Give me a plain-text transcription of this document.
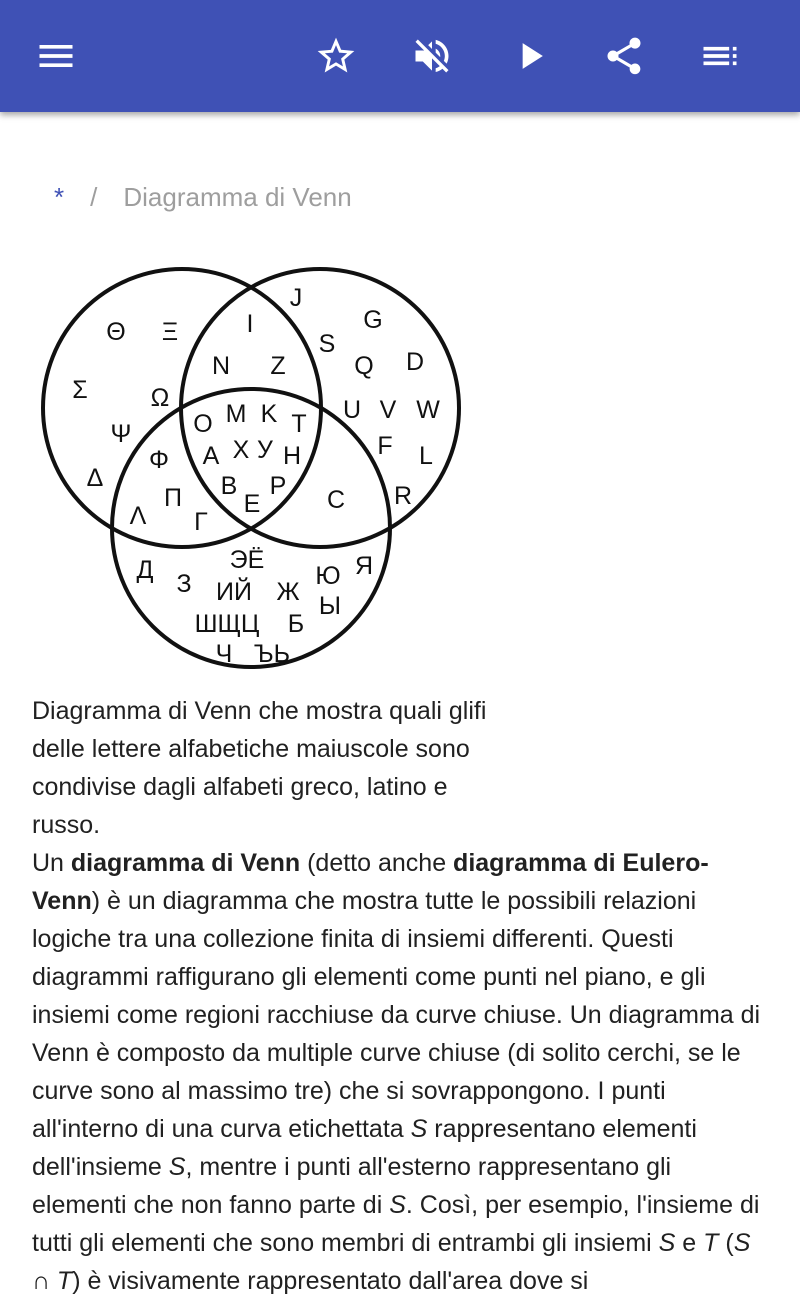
* / Diagramma di Venn
Θ Ξ
Σ	Ω
Ψ
Δ
J
G
S
Q D
U V W
F L
R
I
N Z
O M K T
A X У H
B P
E
Φ
Π
Λ Γ
C
Д З
ЭЁ
ИЙ Ж
Ю Я
Ы
ШЩЦ Б
Ч ЪЬ
Diagramma di Venn che mostra quali glifi delle lettere alfabetiche maiuscole sono condivise dagli alfabeti greco, latino e russo.
Un diagramma di Venn (detto anche diagramma di Eulero-Venn) è un diagramma che mostra tutte le possibili relazioni logiche tra una collezione finita di insiemi differenti. Questi diagrammi raffigurano gli elementi come punti nel piano, e gli insiemi come regioni racchiuse da curve chiuse. Un diagramma di Venn è composto da multiple curve chiuse (di solito cerchi, se le curve sono al massimo tre) che si sovrappongono. I punti all'interno di una curva etichettata S rappresentano elementi dell'insieme S, mentre i punti all'esterno rappresentano gli elementi che non fanno parte di S. Così, per esempio, l'insieme di tutti gli elementi che sono membri di entrambi gli insiemi S e T (S ∩ T) è visivamente rappresentato dall'area dove si
